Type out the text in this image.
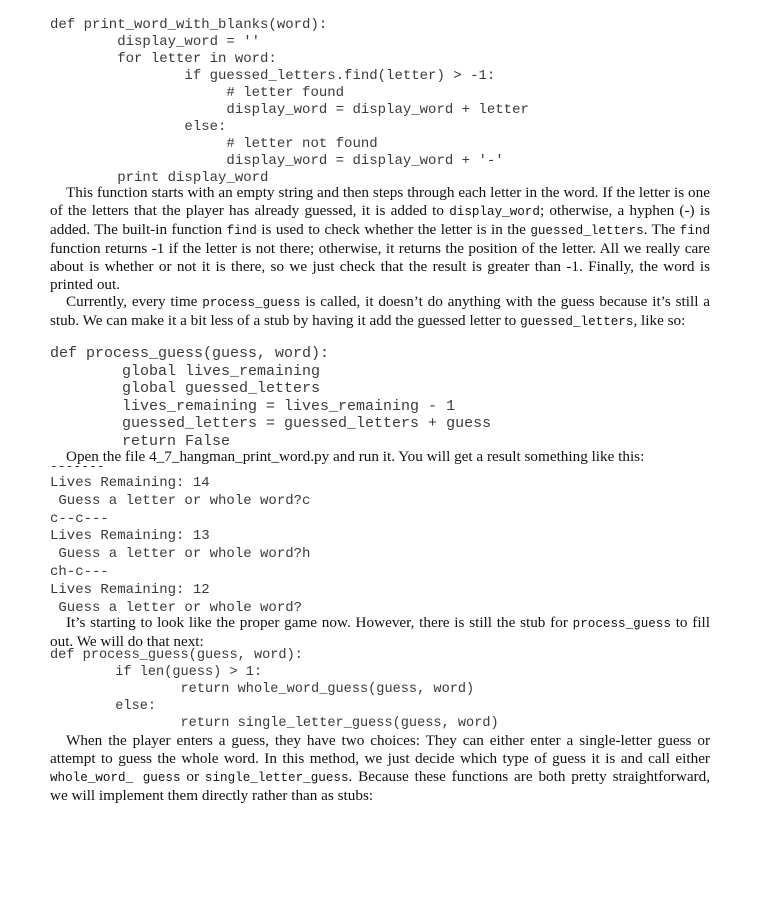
def print_word_with_blanks(word):
display_word = ''
for letter in word:
if guessed_letters.find(letter) > -1:
# letter found
display_word = display_word + letter
else:
# letter not found
display_word = display_word + '-'
print display_word

This function starts with an empty string and then steps through each letter in the word. If the letter is one of the letters that the player has already guessed, it is added to display_word; otherwise, a hyphen (-) is added. The built-in function find is used to check whether the letter is in the guessed_letters. The find function returns -1 if the letter is not there; otherwise, it returns the position of the letter. All we really care about is whether or not it is there, so we just check that the result is greater than -1. Finally, the word is printed out.

Currently, every time process_guess is called, it doesn’t do anything with the guess because it’s still a stub. We can make it a bit less of a stub by having it add the guessed letter to guessed_letters, like so:

def process_guess(guess, word):
global lives_remaining
global guessed_letters
lives_remaining = lives_remaining - 1
guessed_letters = guessed_letters + guess
return False

Open the file 4_7_hangman_print_word.py and run it. You will get a result something like this:

-------
Lives Remaining: 14
Guess a letter or whole word?c
c--c---
Lives Remaining: 13
Guess a letter or whole word?h
ch-c---
Lives Remaining: 12
Guess a letter or whole word?

It’s starting to look like the proper game now. However, there is still the stub for process_guess to fill out. We will do that next:

def process_guess(guess, word):
if len(guess) > 1:
return whole_word_guess(guess, word)
else:
return single_letter_guess(guess, word)

When the player enters a guess, they have two choices: They can either enter a single-letter guess or attempt to guess the whole word. In this method, we just decide which type of guess it is and call either whole_word_ guess or single_letter_guess. Because these functions are both pretty straightforward, we will implement them directly rather than as stubs:
